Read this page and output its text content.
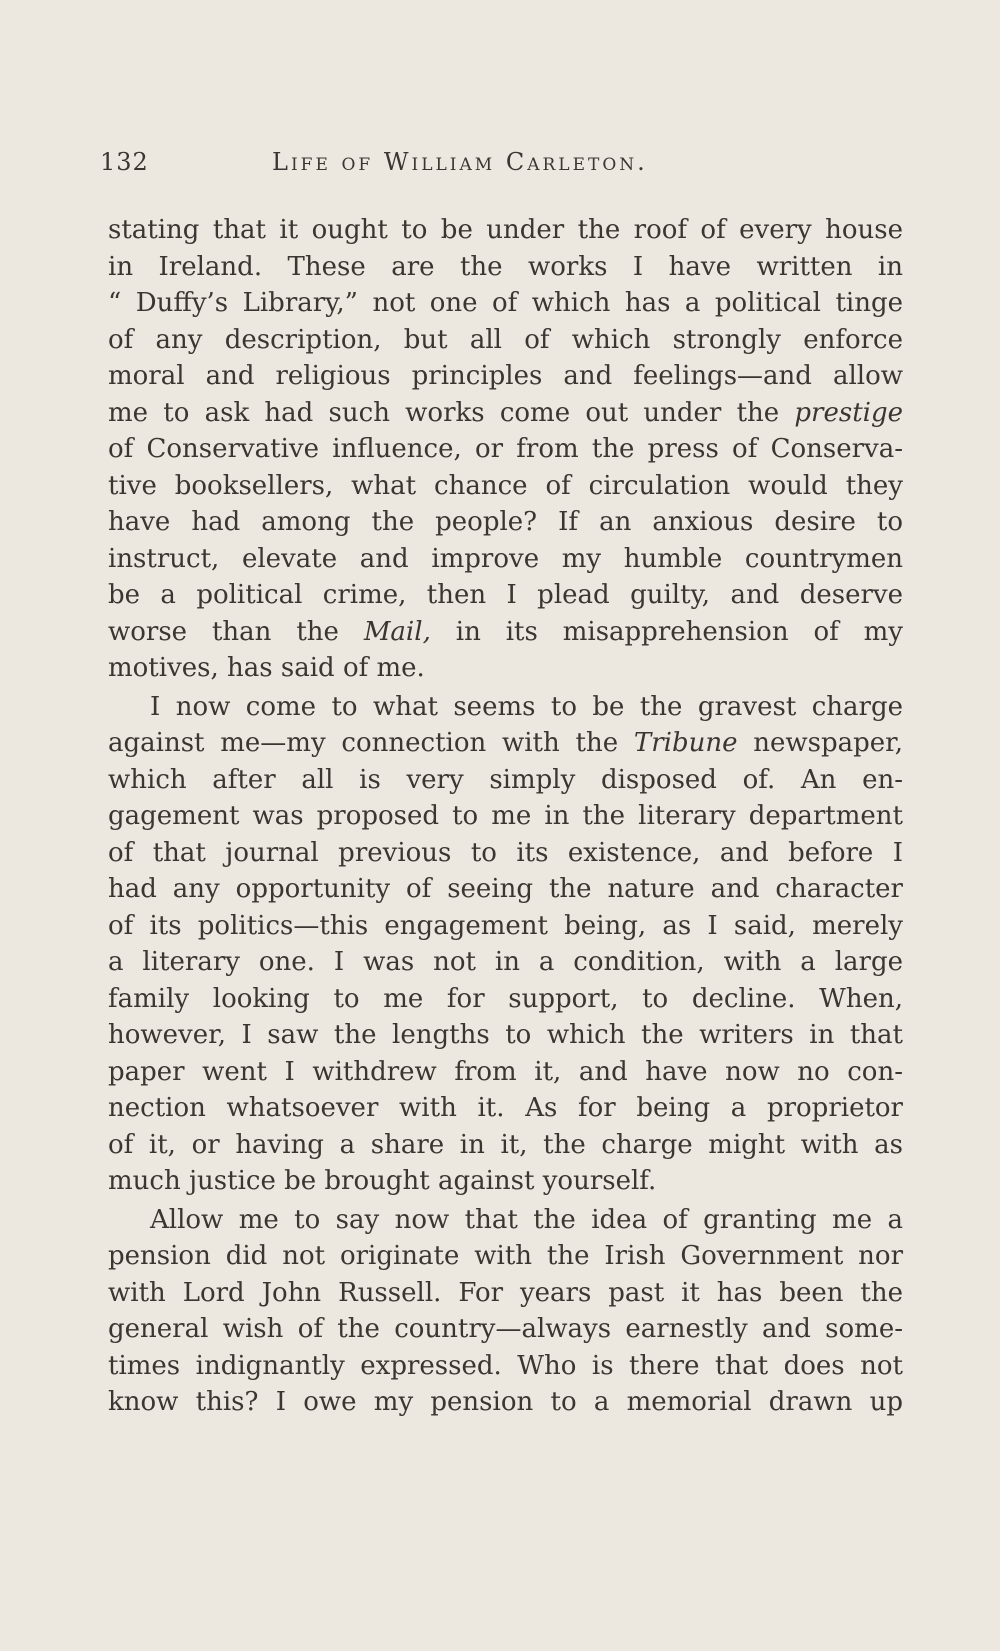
132	Life of William Carleton.
stating that it ought to be under the roof of every house
in Ireland. These are the works I have written in
“ Duffy’s Library,” not one of which has a political tinge
of any description, but all of which strongly enforce
moral and religious principles and feelings—and allow
me to ask had such works come out under the prestige
of Conservative influence, or from the press of Conserva-
tive booksellers, what chance of circulation would they
have had among the people? If an anxious desire to
instruct, elevate and improve my humble countrymen
be a political crime, then I plead guilty, and deserve
worse than the Mail, in its misapprehension of my
motives, has said of me.
I now come to what seems to be the gravest charge
against me—my connection with the Tribune newspaper,
which after all is very simply disposed of. An en-
gagement was proposed to me in the literary department
of that journal previous to its existence, and before I
had any opportunity of seeing the nature and character
of its politics—this engagement being, as I said, merely
a literary one. I was not in a condition, with a large
family looking to me for support, to decline. When,
however, I saw the lengths to which the writers in that
paper went I withdrew from it, and have now no con-
nection whatsoever with it. As for being a proprietor
of it, or having a share in it, the charge might with as
much justice be brought against yourself.
Allow me to say now that the idea of granting me a
pension did not originate with the Irish Government nor
with Lord John Russell. For years past it has been the
general wish of the country—always earnestly and some-
times indignantly expressed. Who is there that does not
know this? I owe my pension to a memorial drawn up
